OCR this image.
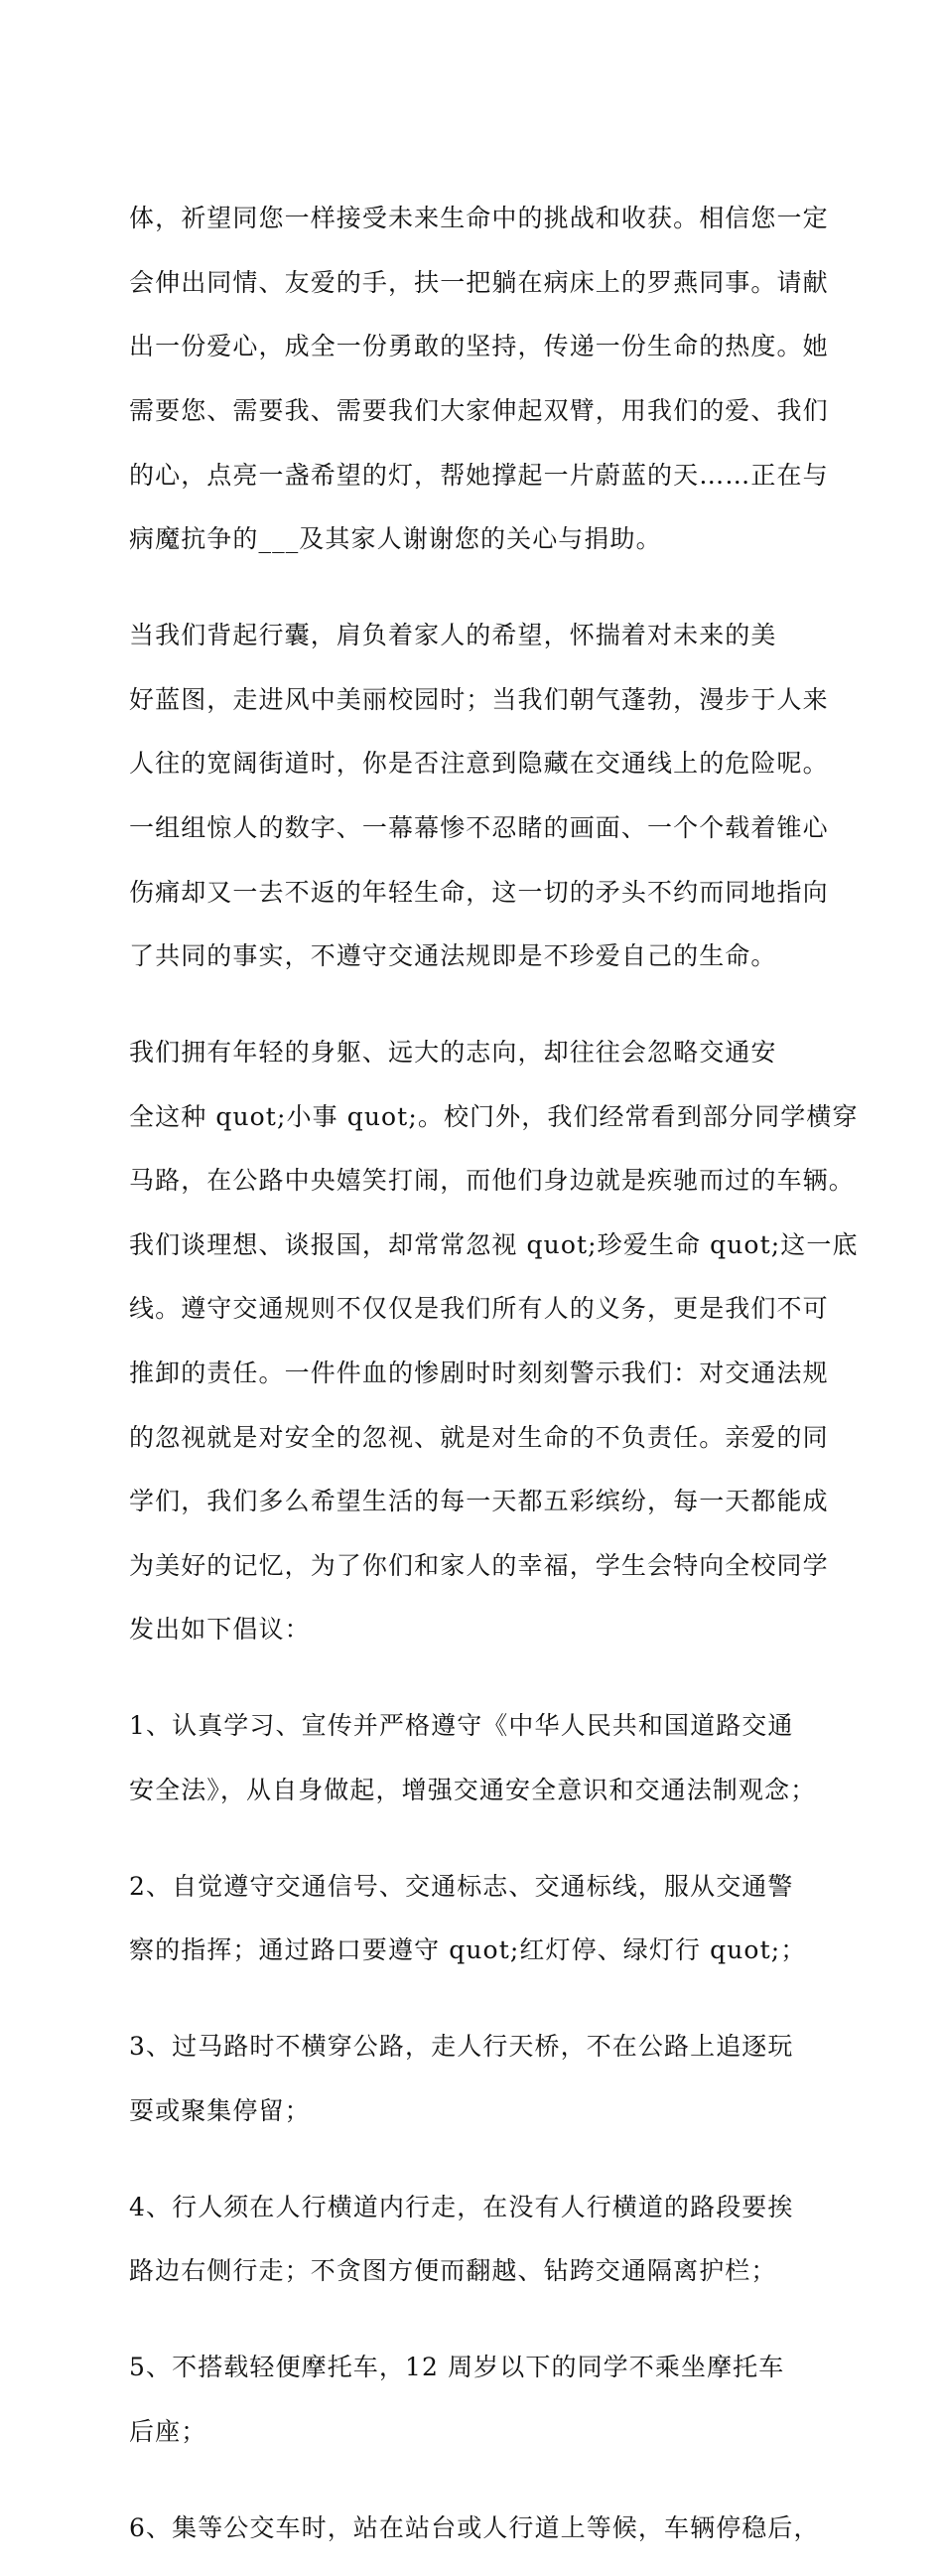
体，祈望同您一样接受未来生命中的挑战和收获。相信您一定

会伸出同情、友爱的手，扶一把躺在病床上的罗燕同事。请献

出一份爱心，成全一份勇敢的坚持，传递一份生命的热度。她

需要您、需要我、需要我们大家伸起双臂，用我们的爱、我们

的心，点亮一盏希望的灯，帮她撑起一片蔚蓝的天……正在与

病魔抗争的___及其家人谢谢您的关心与捐助。

当我们背起行囊，肩负着家人的希望，怀揣着对未来的美

好蓝图，走进风中美丽校园时；当我们朝气蓬勃，漫步于人来

人往的宽阔街道时，你是否注意到隐藏在交通线上的危险呢。

一组组惊人的数字、一幕幕惨不忍睹的画面、一个个载着锥心

伤痛却又一去不返的年轻生命，这一切的矛头不约而同地指向

了共同的事实，不遵守交通法规即是不珍爱自己的生命。

我们拥有年轻的身躯、远大的志向，却往往会忽略交通安

全这种 quot;小事 quot;。校门外，我们经常看到部分同学横穿

马路，在公路中央嬉笑打闹，而他们身边就是疾驰而过的车辆。

我们谈理想、谈报国，却常常忽视 quot;珍爱生命 quot;这一底

线。遵守交通规则不仅仅是我们所有人的义务，更是我们不可

推卸的责任。一件件血的惨剧时时刻刻警示我们：对交通法规

的忽视就是对安全的忽视、就是对生命的不负责任。亲爱的同

学们，我们多么希望生活的每一天都五彩缤纷，每一天都能成

为美好的记忆，为了你们和家人的幸福，学生会特向全校同学

发出如下倡议：

1、认真学习、宣传并严格遵守《中华人民共和国道路交通

安全法》，从自身做起，增强交通安全意识和交通法制观念；

2、自觉遵守交通信号、交通标志、交通标线，服从交通警

察的指挥；通过路口要遵守 quot;红灯停、绿灯行 quot;；

3、过马路时不横穿公路，走人行天桥，不在公路上追逐玩

耍或聚集停留；

4、行人须在人行横道内行走，在没有人行横道的路段要挨

路边右侧行走；不贪图方便而翻越、钻跨交通隔离护栏；

5、不搭载轻便摩托车，12 周岁以下的同学不乘坐摩托车

后座；

6、集等公交车时，站在站台或人行道上等候，车辆停稳后，
